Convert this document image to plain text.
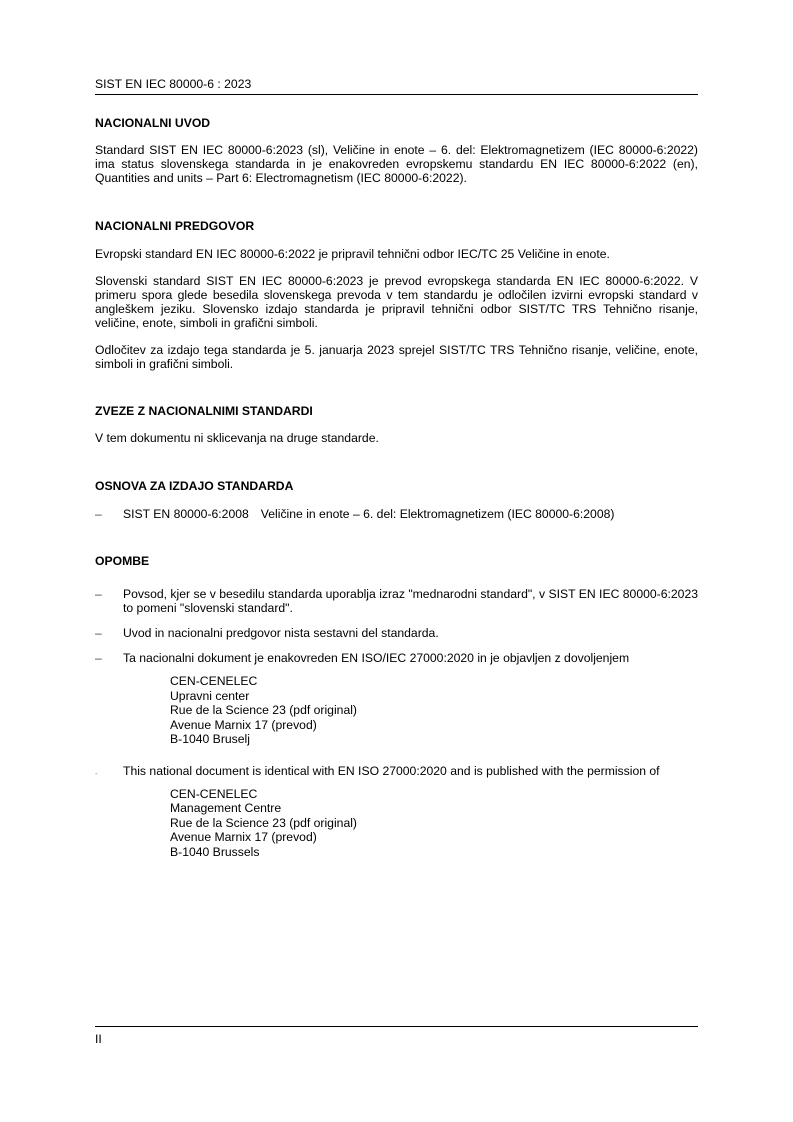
SIST EN IEC 80000-6 : 2023
NACIONALNI UVOD

Standard SIST EN IEC 80000-6:2023 (sl), Veličine in enote – 6. del: Elektromagnetizem (IEC 80000-6:2022) ima status slovenskega standarda in je enakovreden evropskemu standardu EN IEC 80000-6:2022 (en), Quantities and units – Part 6: Electromagnetism (IEC 80000-6:2022).

NACIONALNI PREDGOVOR

Evropski standard EN IEC 80000-6:2022 je pripravil tehnični odbor IEC/TC 25 Veličine in enote.

Slovenski standard SIST EN IEC 80000-6:2023 je prevod evropskega standarda EN IEC 80000-6:2022. V primeru spora glede besedila slovenskega prevoda v tem standardu je odločilen izvirni evropski standard v angleškem jeziku. Slovensko izdajo standarda je pripravil tehnični odbor SIST/TC TRS Tehnično risanje, veličine, enote, simboli in grafični simboli.

Odločitev za izdajo tega standarda je 5. januarja 2023 sprejel SIST/TC TRS Tehnično risanje, veličine, enote, simboli in grafični simboli.

ZVEZE Z NACIONALNIMI STANDARDI

V tem dokumentu ni sklicevanja na druge standarde.

OSNOVA ZA IZDAJO STANDARDA
– SIST EN 80000-6:2008 Veličine in enote – 6. del: Elektromagnetizem (IEC 80000-6:2008)
OPOMBE
– Povsod, kjer se v besedilu standarda uporablja izraz "mednarodni standard", v SIST EN IEC 80000-6:2023 to pomeni "slovenski standard".

– Uvod in nacionalni predgovor nista sestavni del standarda.

– Ta nacionalni dokument je enakovreden EN ISO/IEC 27000:2020 in je objavljen z dovoljenjem

CEN-CENELEC
Upravni center
Rue de la Science 23 (pdf original)
Avenue Marnix 17 (prevod)
B-1040 Bruselj
- This national document is identical with EN ISO 27000:2020 and is published with the permission of

CEN-CENELEC
Management Centre
Rue de la Science 23 (pdf original)
Avenue Marnix 17 (prevod)
B-1040 Brussels
II
